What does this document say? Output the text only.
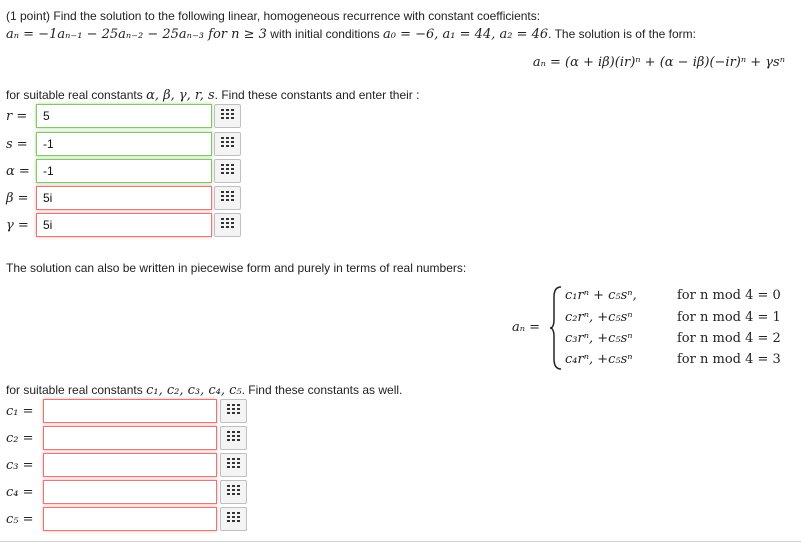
(1 point) Find the solution to the following linear, homogeneous recurrence with constant coefficients:
aₙ = −1aₙ₋₁ − 25aₙ₋₂ − 25aₙ₋₃ for n ≥ 3 with initial conditions a₀ = −6, a₁ = 44, a₂ = 46. The solution is of the form:
aₙ = (α + iβ)(ir)ⁿ + (α − iβ)(−ir)ⁿ + γsⁿ
for suitable real constants α, β, γ, r, s. Find these constants and enter their :
r =
5
s =
-1
α =
-1
β =
5i
γ =
5i
The solution can also be written in piecewise form and purely in terms of real numbers:
aₙ =
c₁rⁿ + c₅sⁿ,
c₂rⁿ, +c₅sⁿ
c₃rⁿ, +c₅sⁿ
c₄rⁿ, +c₅sⁿ
for n mod 4 = 0
for n mod 4 = 1
for n mod 4 = 2
for n mod 4 = 3
for suitable real constants c₁, c₂, c₃, c₄, c₅. Find these constants as well.
c₁ =
c₂ =
c₃ =
c₄ =
c₅ =
